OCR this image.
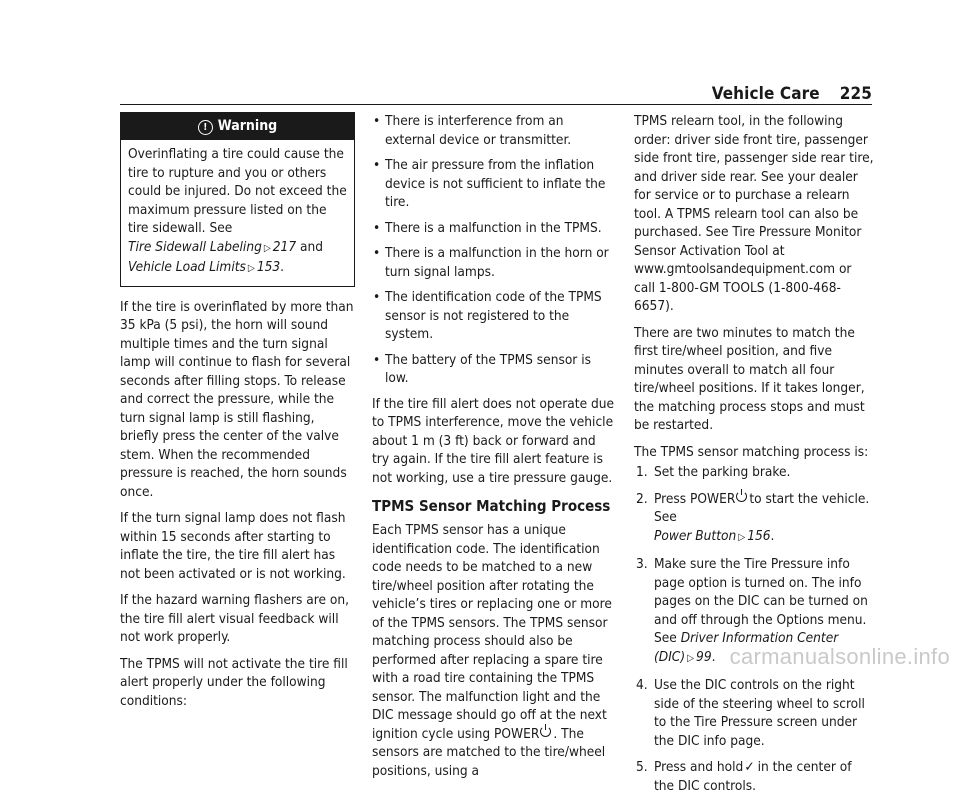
Vehicle Care 225
! Warning
Overinflating a tire could cause the tire to rupture and you or others could be injured. Do not exceed the maximum pressure listed on the tire sidewall. See
Tire Sidewall Labeling ▷ 217 and
Vehicle Load Limits ▷ 153.

If the tire is overinflated by more than 35 kPa (5 psi), the horn will sound multiple times and the turn signal lamp will continue to flash for several seconds after filling stops. To release and correct the pressure, while the turn signal lamp is still flashing, briefly press the center of the valve stem. When the recommended pressure is reached, the horn sounds once.

If the turn signal lamp does not flash within 15 seconds after starting to inflate the tire, the tire fill alert has not been activated or is not working.

If the hazard warning flashers are on, the tire fill alert visual feedback will not work properly.

The TPMS will not activate the tire fill alert properly under the following conditions:

• There is interference from an external device or transmitter.
• The air pressure from the inflation device is not sufficient to inflate the tire.
• There is a malfunction in the TPMS.
• There is a malfunction in the horn or turn signal lamps.
• The identification code of the TPMS sensor is not registered to the system.
• The battery of the TPMS sensor is low.

If the tire fill alert does not operate due to TPMS interference, move the vehicle about 1 m (3 ft) back or forward and try again. If the tire fill alert feature is not working, use a tire pressure gauge.

TPMS Sensor Matching Process

Each TPMS sensor has a unique identification code. The identification code needs to be matched to a new tire/wheel position after rotating the vehicle’s tires or replacing one or more of the TPMS sensors. The TPMS sensor matching process should also be performed after replacing a spare tire with a road tire containing the TPMS sensor. The malfunction light and the DIC message should go off at the next ignition cycle using POWER . The sensors are matched to the tire/wheel positions, using a

TPMS relearn tool, in the following order: driver side front tire, passenger side front tire, passenger side rear tire, and driver side rear. See your dealer for service or to purchase a relearn tool. A TPMS relearn tool can also be purchased. See Tire Pressure Monitor Sensor Activation Tool at www.gmtoolsandequipment.com or call 1-800-GM TOOLS (1-800-468-6657).

There are two minutes to match the first tire/wheel position, and five minutes overall to match all four tire/wheel positions. If it takes longer, the matching process stops and must be restarted.

The TPMS sensor matching process is:

1. Set the parking brake.
2. Press POWER to start the vehicle. See
Power Button ▷ 156.
3. Make sure the Tire Pressure info page option is turned on. The info pages on the DIC can be turned on and off through the Options menu. See Driver Information Center (DIC) ▷ 99.
4. Use the DIC controls on the right side of the steering wheel to scroll to the Tire Pressure screen under the DIC info page.
5. Press and hold✓ in the center of the DIC controls.
carmanualsonline.info
